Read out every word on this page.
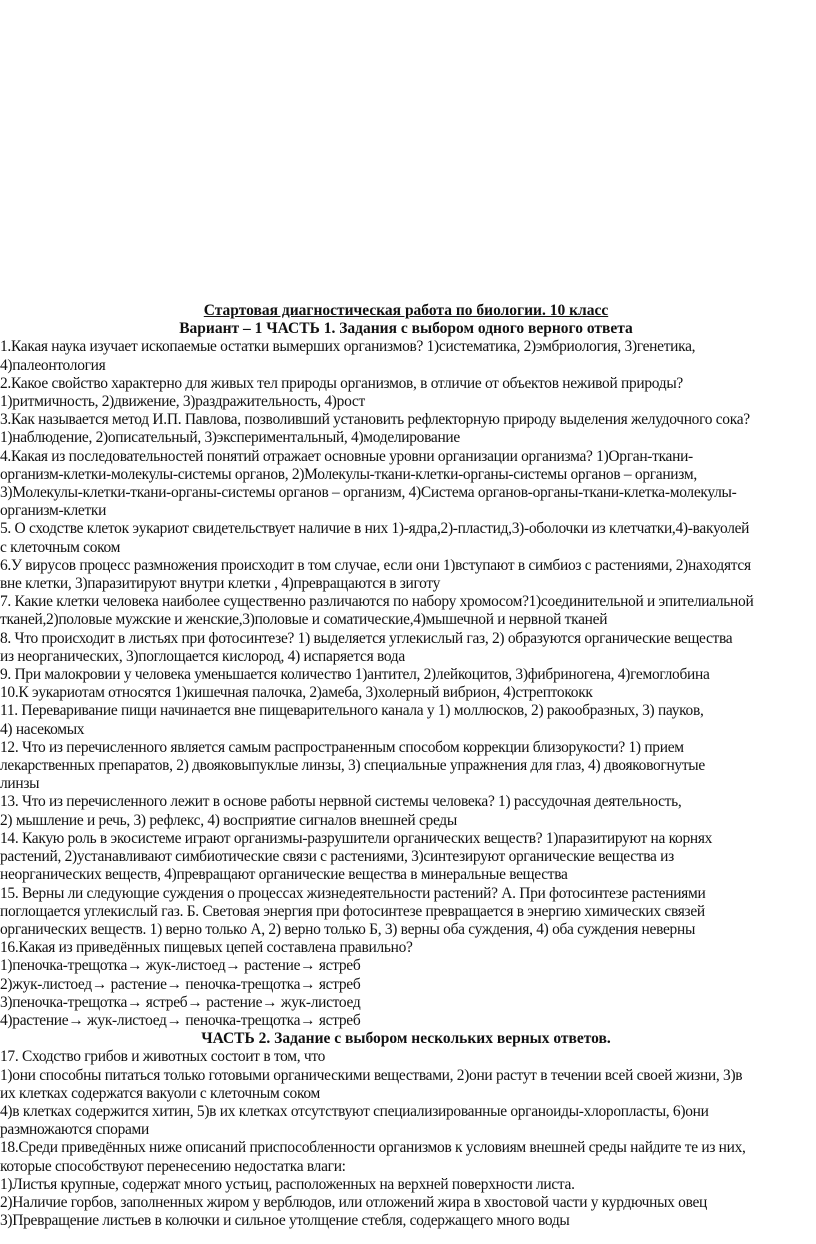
Стартовая диагностическая работа по биологии. 10 класс
Вариант – 1 ЧАСТЬ 1. Задания с выбором одного верного ответа
1.Какая наука изучает ископаемые остатки вымерших организмов? 1)систематика, 2)эмбриология, 3)генетика,
4)палеонтология
2.Какое свойство характерно для живых тел природы организмов, в отличие от объектов неживой природы?
1)ритмичность, 2)движение, 3)раздражительность, 4)рост
3.Как называется метод И.П. Павлова, позволивший установить рефлекторную природу выделения желудочного сока?
1)наблюдение, 2)описательный, 3)экспериментальный, 4)моделирование
4.Какая из последовательностей понятий отражает основные уровни организации организма? 1)Орган-ткани-
организм-клетки-молекулы-системы органов, 2)Молекулы-ткани-клетки-органы-системы органов – организм,
3)Молекулы-клетки-ткани-органы-системы органов – организм, 4)Система органов-органы-ткани-клетка-молекулы-
организм-клетки
5. О сходстве клеток эукариот свидетельствует наличие в них 1)-ядра,2)-пластид,3)-оболочки из клетчатки,4)-вакуолей
с клеточным соком
6.У вирусов процесс размножения происходит в том случае, если они 1)вступают в симбиоз с растениями, 2)находятся
вне клетки, 3)паразитируют внутри клетки , 4)превращаются в зиготу
7. Какие клетки человека наиболее существенно различаются по набору хромосом?1)соединительной и эпителиальной
тканей,2)половые мужские и женские,3)половые и соматические,4)мышечной и нервной тканей
8. Что происходит в листьях при фотосинтезе? 1) выделяется углекислый газ, 2) образуются органические вещества
из неорганических, 3)поглощается кислород, 4) испаряется вода
9. При малокровии у человека уменьшается количество 1)антител, 2)лейкоцитов, 3)фибриногена, 4)гемоглобина
10.К эукариотам относятся 1)кишечная палочка, 2)амеба, 3)холерный вибрион, 4)стрептококк
11. Переваривание пищи начинается вне пищеварительного канала у 1) моллюсков, 2) ракообразных, 3) пауков,
4) насекомых
12. Что из перечисленного является самым распространенным способом коррекции близорукости? 1) прием
лекарственных препаратов, 2) двояковыпуклые линзы, 3) специальные упражнения для глаз, 4) двояковогнутые
линзы
13. Что из перечисленного лежит в основе работы нервной системы человека? 1) рассудочная деятельность,
2) мышление и речь, 3) рефлекс, 4) восприятие сигналов внешней среды
14. Какую роль в экосистеме играют организмы-разрушители органических веществ? 1)паразитируют на корнях
растений, 2)устанавливают симбиотические связи с растениями, 3)синтезируют органические вещества из
неорганических веществ, 4)превращают органические вещества в минеральные вещества
15. Верны ли следующие суждения о процессах жизнедеятельности растений? А. При фотосинтезе растениями
поглощается углекислый газ. Б. Световая энергия при фотосинтезе превращается в энергию химических связей
органических веществ. 1) верно только А, 2) верно только Б, 3) верны оба суждения, 4) оба суждения неверны
16.Какая из приведённых пищевых цепей составлена правильно?
1)пеночка-трещотка→ жук-листоед→ растение→ ястреб
2)жук-листоед→ растение→ пеночка-трещотка→ ястреб
3)пеночка-трещотка→ ястреб→ растение→ жук-листоед
4)растение→ жук-листоед→ пеночка-трещотка→ ястреб
ЧАСТЬ 2. Задание с выбором нескольких верных ответов.
17. Сходство грибов и животных состоит в том, что
1)они способны питаться только готовыми органическими веществами, 2)они растут в течении всей своей жизни, 3)в
их клетках содержатся вакуоли с клеточным соком
4)в клетках содержится хитин, 5)в их клетках отсутствуют специализированные органоиды-хлоропласты, 6)они
размножаются спорами
18.Среди приведённых ниже описаний приспособленности организмов к условиям внешней среды найдите те из них,
которые способствуют перенесению недостатка влаги:
1)Листья крупные, содержат много устьиц, расположенных на верхней поверхности листа.
2)Наличие горбов, заполненных жиром у верблюдов, или отложений жира в хвостовой части у курдючных овец
3)Превращение листьев в колючки и сильное утолщение стебля, содержащего много воды
